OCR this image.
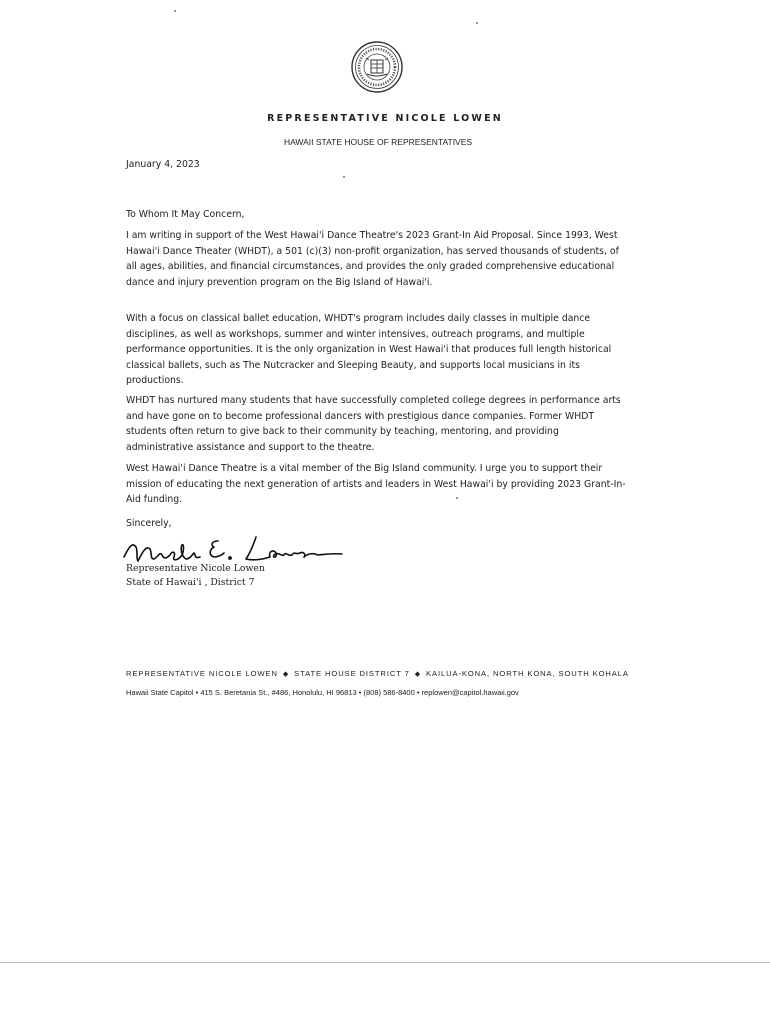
REPRESENTATIVE NICOLE LOWEN
HAWAII STATE HOUSE OF REPRESENTATIVES
January 4, 2023
To Whom It May Concern,
I am writing in support of the West Hawai'i Dance Theatre's 2023 Grant-In Aid Proposal. Since 1993, West Hawai'i Dance Theater (WHDT), a 501 (c)(3) non-profit organization, has served thousands of students, of all ages, abilities, and financial circumstances, and provides the only graded comprehensive educational dance and injury prevention program on the Big Island of Hawai'i.
With a focus on classical ballet education, WHDT's program includes daily classes in multiple dance disciplines, as well as workshops, summer and winter intensives, outreach programs, and multiple performance opportunities. It is the only organization in West Hawai'i that produces full length historical classical ballets, such as The Nutcracker and Sleeping Beauty, and supports local musicians in its productions.
WHDT has nurtured many students that have successfully completed college degrees in performance arts and have gone on to become professional dancers with prestigious dance companies. Former WHDT students often return to give back to their community by teaching, mentoring, and providing administrative assistance and support to the theatre.
West Hawai'i Dance Theatre is a vital member of the Big Island community. I urge you to support their mission of educating the next generation of artists and leaders in West Hawai'i by providing 2023 Grant-In-Aid funding.
Sincerely,
Representative Nicole Lowen
State of Hawai'i , District 7
REPRESENTATIVE NICOLE LOWEN ◆ STATE HOUSE DISTRICT 7 ◆ KAILUA-KONA, NORTH KONA, SOUTH KOHALA
Hawaii State Capitol • 415 S. Beretania St., #486, Honolulu, HI 96813 • (808) 586-8400 • replowen@capitol.hawaii.gov
